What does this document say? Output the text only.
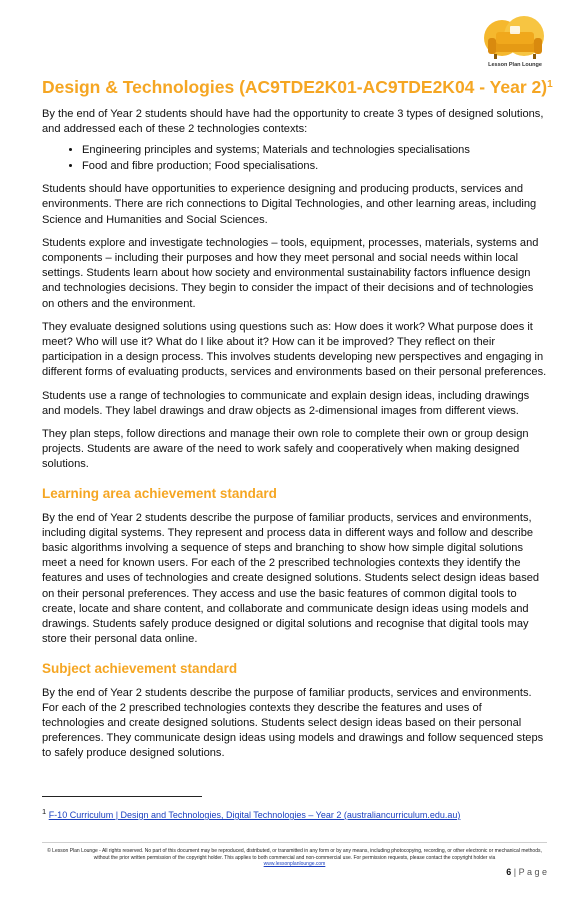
Lesson Plan Lounge
Design & Technologies (AC9TDE2K01-AC9TDE2K04 - Year 2)$^1$

By the end of Year 2 students should have had the opportunity to create 3 types of designed solutions, and addressed each of these 2 technologies contexts:

• Engineering principles and systems; Materials and technologies specialisations
• Food and fibre production; Food specialisations.

Students should have opportunities to experience designing and producing products, services and environments. There are rich connections to Digital Technologies, and other learning areas, including Science and Humanities and Social Sciences.

Students explore and investigate technologies – tools, equipment, processes, materials, systems and components – including their purposes and how they meet personal and social needs within local settings. Students learn about how society and environmental sustainability factors influence design and technologies decisions. They begin to consider the impact of their decisions and of technologies on others and the environment.

They evaluate designed solutions using questions such as: How does it work? What purpose does it meet? Who will use it? What do I like about it? How can it be improved? They reflect on their participation in a design process. This involves students developing new perspectives and engaging in different forms of evaluating products, services and environments based on their personal preferences.

Students use a range of technologies to communicate and explain design ideas, including drawings and models. They label drawings and draw objects as 2-dimensional images from different views.

They plan steps, follow directions and manage their own role to complete their own or group design projects. Students are aware of the need to work safely and cooperatively when making designed solutions.

Learning area achievement standard

By the end of Year 2 students describe the purpose of familiar products, services and environments, including digital systems. They represent and process data in different ways and follow and describe basic algorithms involving a sequence of steps and branching to show how simple digital solutions meet a need for known users. For each of the 2 prescribed technologies contexts they identify the features and uses of technologies and create designed solutions. Students select design ideas based on their personal preferences. They access and use the basic features of common digital tools to create, locate and share content, and collaborate and communicate design ideas using models and drawings. Students safely produce designed or digital solutions and recognise that digital tools may store their personal data online.

Subject achievement standard

By the end of Year 2 students describe the purpose of familiar products, services and environments. For each of the 2 prescribed technologies contexts they describe the features and uses of technologies and create designed solutions. Students select design ideas based on their personal preferences. They communicate design ideas using models and drawings and follow sequenced steps to safely produce designed solutions.

$^1$ F-10 Curriculum | Design and Technologies, Digital Technologies – Year 2 (australiancurriculum.edu.au)
© Lesson Plan Lounge - All rights reserved. No part of this document may be reproduced, distributed, or transmitted in any form or by any means, including photocopying, recording, or other electronic or mechanical methods, without the prior written permission of the copyright holder. This applies to both commercial and non-commercial use. For permission requests, please contact the copyright holder via
www.lessonplanlounge.com
6 | P a g e
